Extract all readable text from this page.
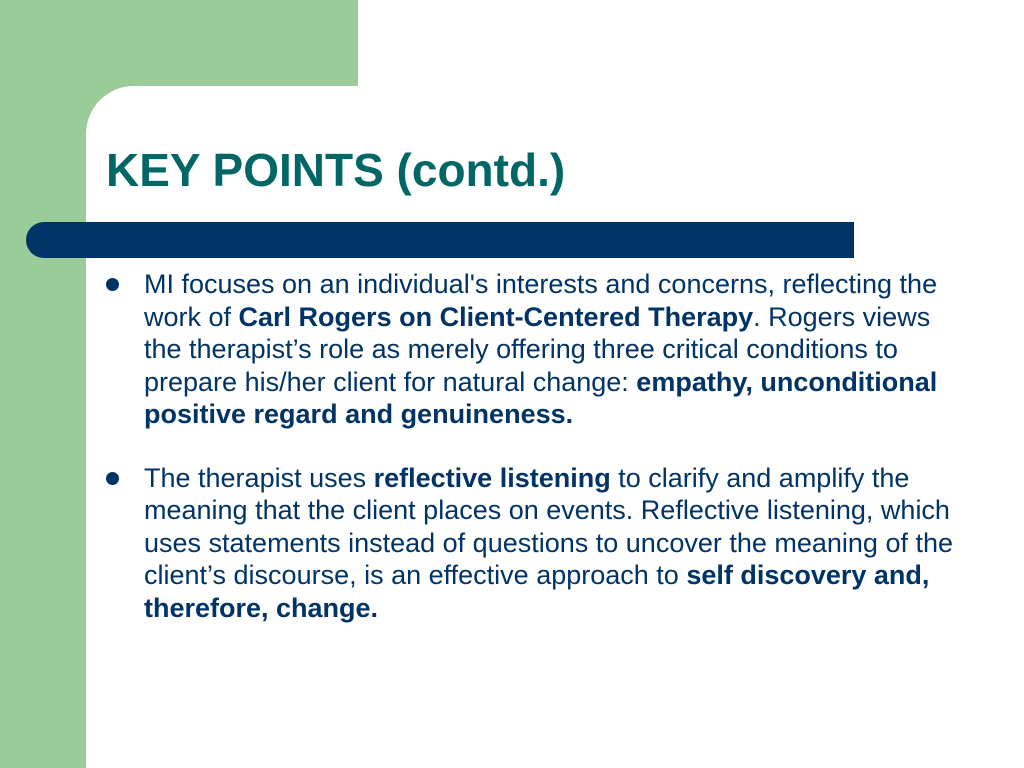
KEY POINTS (contd.)
MI focuses on an individual's interests and concerns, reflecting the work of Carl Rogers on Client-Centered Therapy. Rogers views the therapist’s role as merely offering three critical conditions to prepare his/her client for natural change: empathy, unconditional positive regard and genuineness.
The therapist uses reflective listening to clarify and amplify the meaning that the client places on events. Reflective listening, which uses statements instead of questions to uncover the meaning of the client’s discourse, is an effective approach to self discovery and, therefore, change.
